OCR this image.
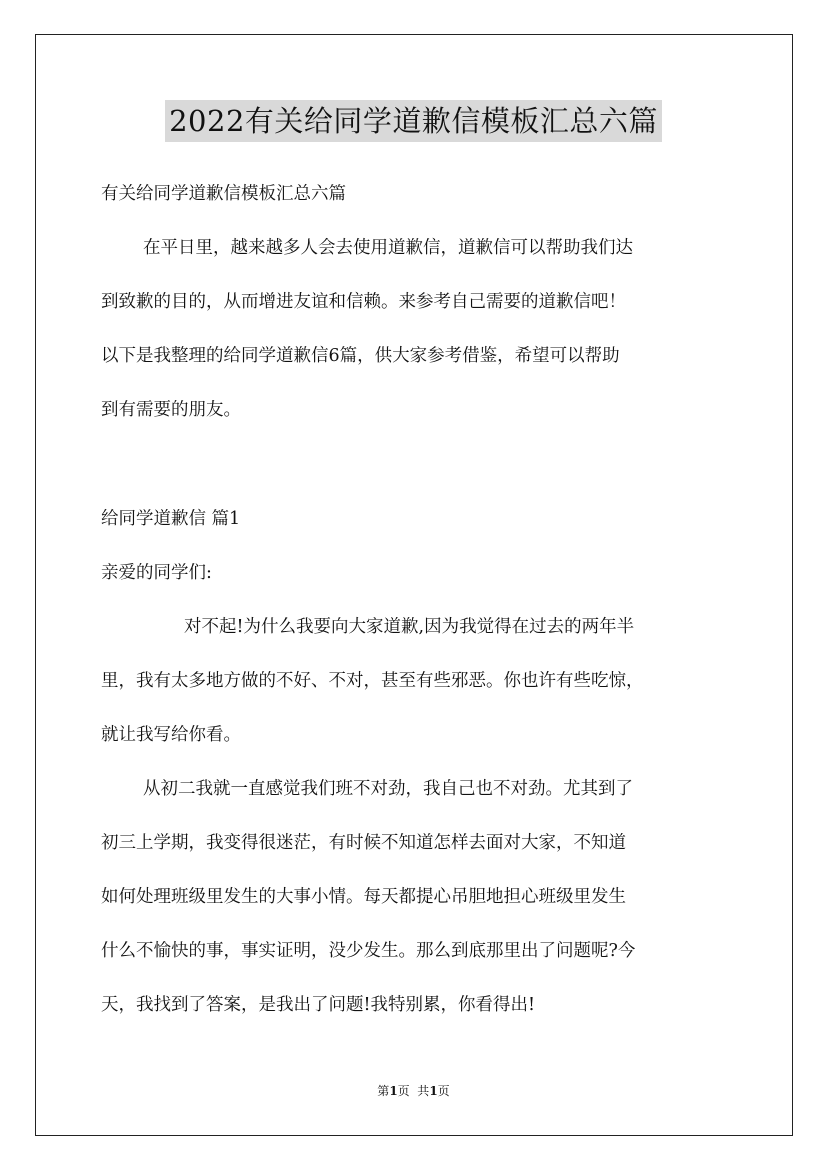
2022有关给同学道歉信模板汇总六篇
有关给同学道歉信模板汇总六篇
在平日里，越来越多人会去使用道歉信，道歉信可以帮助我们达
到致歉的目的，从而增进友谊和信赖。来参考自己需要的道歉信吧！
以下是我整理的给同学道歉信6篇，供大家参考借鉴，希望可以帮助
到有需要的朋友。
给同学道歉信 篇1
亲爱的同学们:
对不起!为什么我要向大家道歉,因为我觉得在过去的两年半
里，我有太多地方做的不好、不对，甚至有些邪恶。你也许有些吃惊，
就让我写给你看。
从初二我就一直感觉我们班不对劲，我自己也不对劲。尤其到了
初三上学期，我变得很迷茫，有时候不知道怎样去面对大家，不知道
如何处理班级里发生的大事小情。每天都提心吊胆地担心班级里发生
什么不愉快的事，事实证明，没少发生。那么到底那里出了问题呢?今
天，我找到了答案，是我出了问题!我特别累，你看得出!
第1页  共1页
